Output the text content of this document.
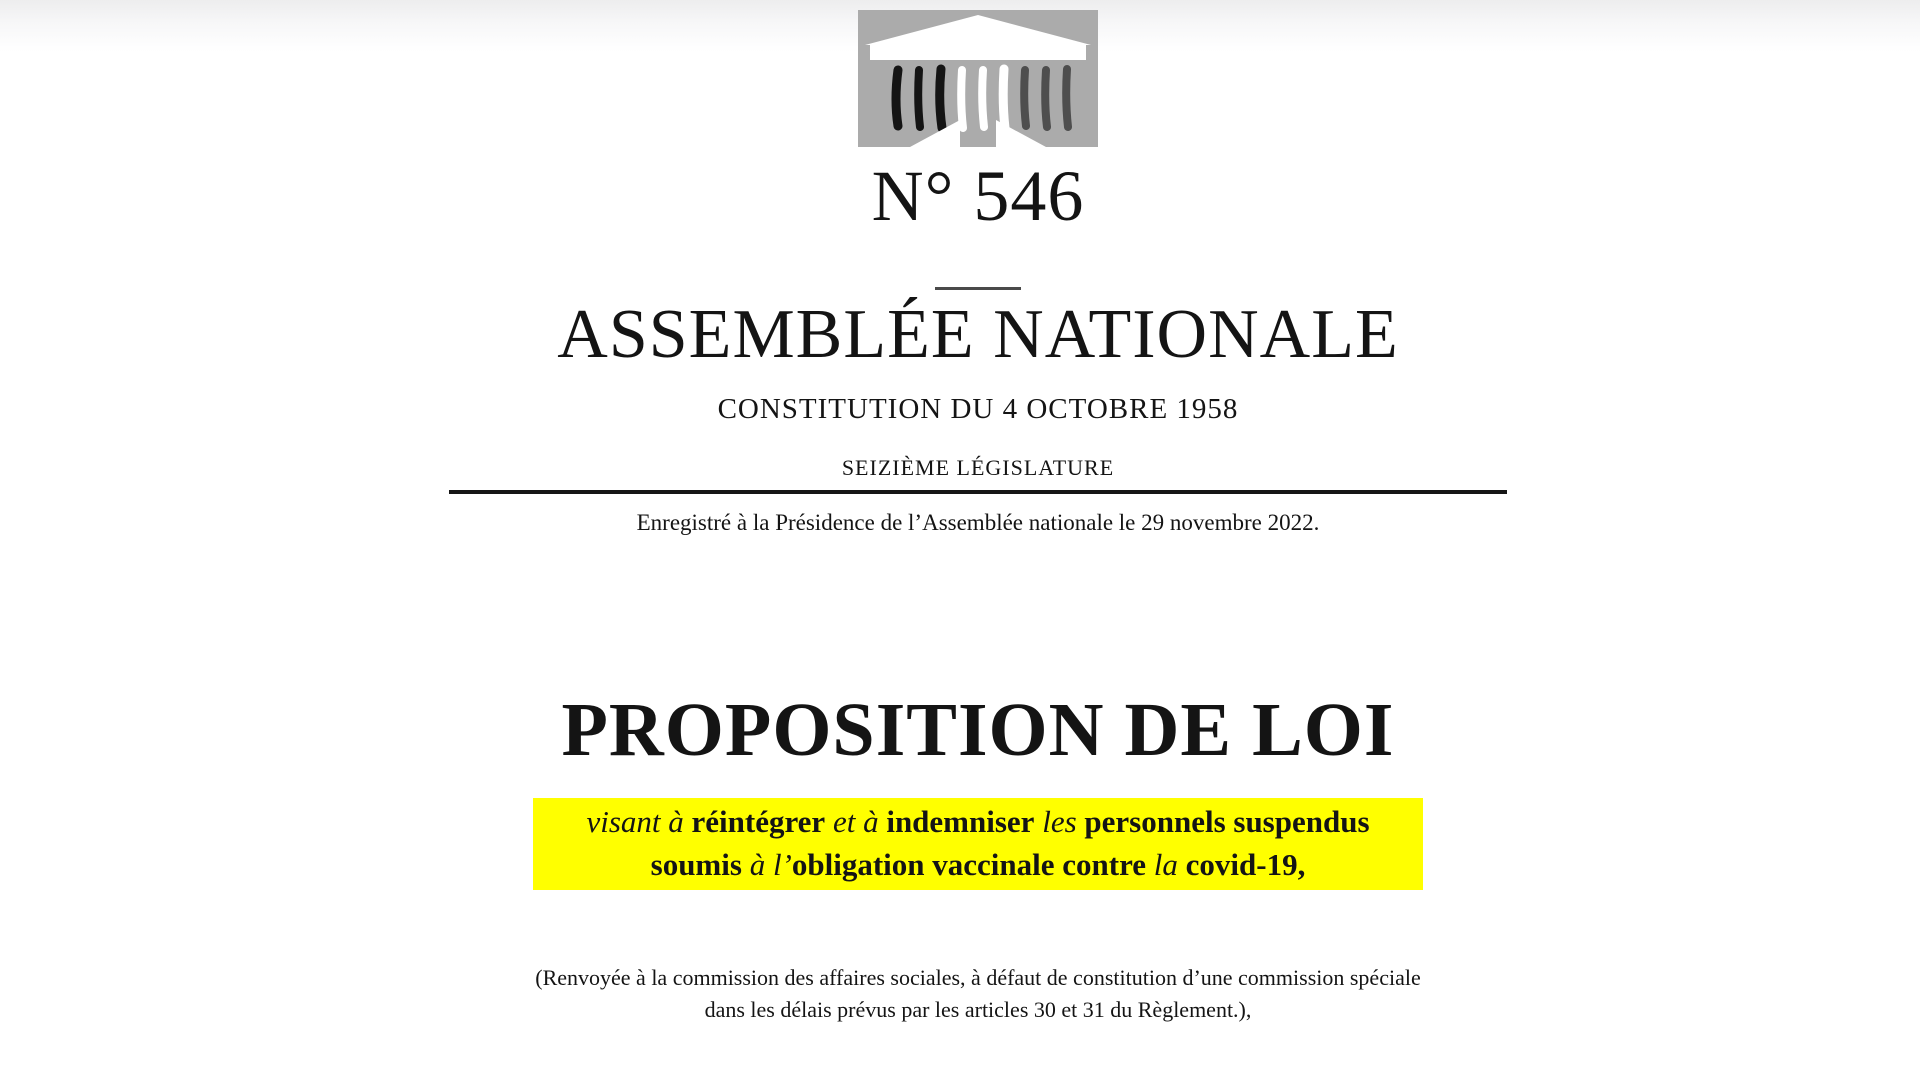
N° 546
ASSEMBLÉE NATIONALE
CONSTITUTION DU 4 OCTOBRE 1958
SEIZIÈME LÉGISLATURE
Enregistré à la Présidence de l’Assemblée nationale le 29 novembre 2022.
PROPOSITION DE LOI
visant à réintégrer et à indemniser les personnels suspendus
soumis à l’obligation vaccinale contre la covid-19,
(Renvoyée à la commission des affaires sociales, à défaut de constitution d’une commission spéciale
dans les délais prévus par les articles 30 et 31 du Règlement.),
